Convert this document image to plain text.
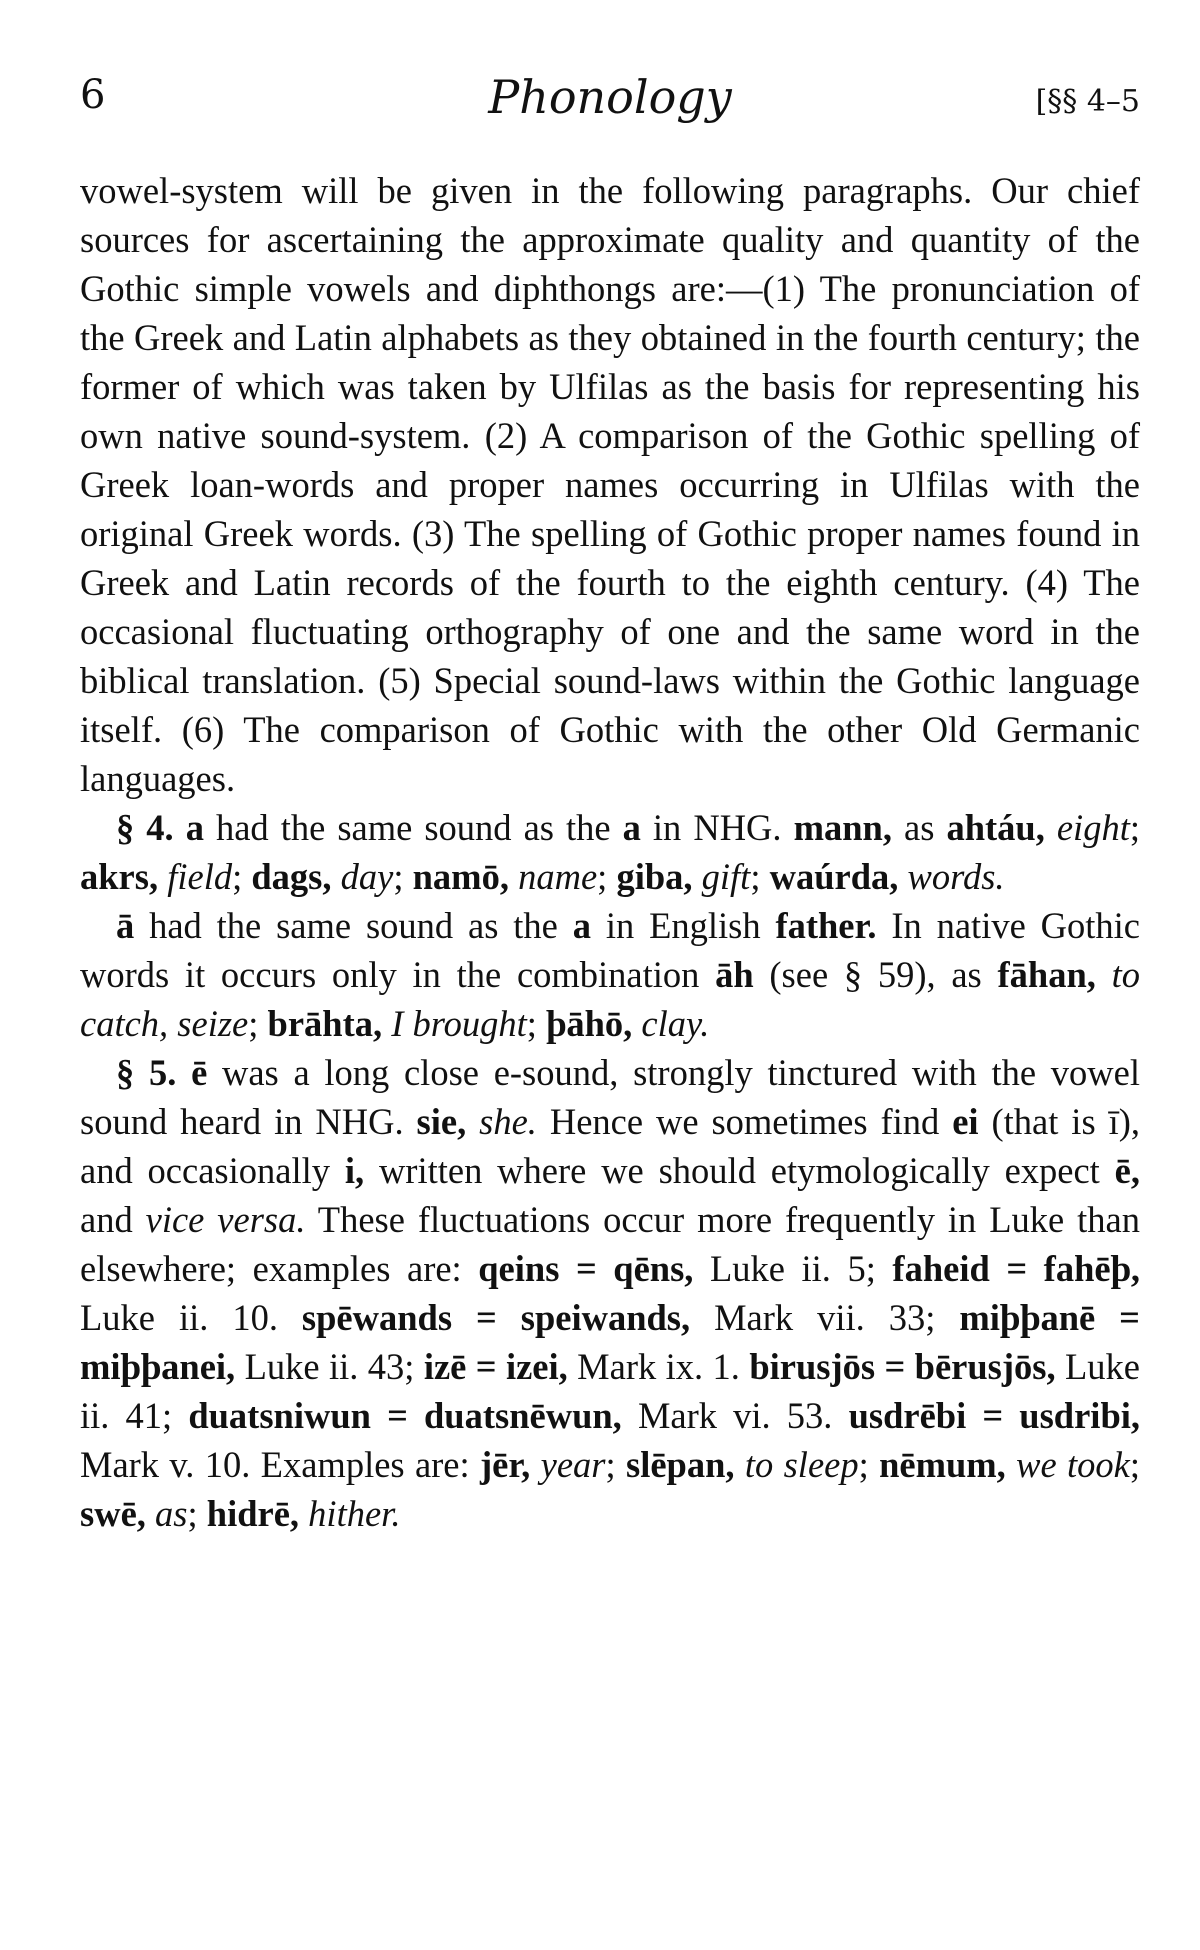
6	Phonology	[§§ 4–5

vowel-system will be given in the following paragraphs. Our chief sources for ascertaining the approximate quality and quantity of the Gothic simple vowels and diphthongs are:—(1) The pronunciation of the Greek and Latin alphabets as they obtained in the fourth century; the former of which was taken by Ulfilas as the basis for representing his own native sound-system. (2) A comparison of the Gothic spelling of Greek loan-words and proper names occurring in Ulfilas with the original Greek words. (3) The spelling of Gothic proper names found in Greek and Latin records of the fourth to the eighth century. (4) The occasional fluctuating orthography of one and the same word in the biblical translation. (5) Special sound-laws within the Gothic language itself. (6) The comparison of Gothic with the other Old Germanic languages.

§ 4. a had the same sound as the a in NHG. mann, as ahtáu, eight; akrs, field; dags, day; namō, name; giba, gift; waúrda, words.

ā had the same sound as the a in English father. In native Gothic words it occurs only in the combination āh (see § 59), as fāhan, to catch, seize; brāhta, I brought; þāhō, clay.

§ 5. ē was a long close e-sound, strongly tinctured with the vowel sound heard in NHG. sie, she. Hence we sometimes find ei (that is ī), and occasionally i, written where we should etymologically expect ē, and vice versa. These fluctuations occur more frequently in Luke than elsewhere; examples are: qeins = qēns, Luke ii. 5; faheid = fahēþ, Luke ii. 10. spēwands = speiwands, Mark vii. 33; miþþanē = miþþanei, Luke ii. 43; izē = izei, Mark ix. 1. birusjōs = bērusjōs, Luke ii. 41; duatsniwun = duatsnēwun, Mark vi. 53. usdrēbi = usdribi, Mark v. 10. Examples are: jēr, year; slēpan, to sleep; nēmum, we took; swē, as; hidrē, hither.
